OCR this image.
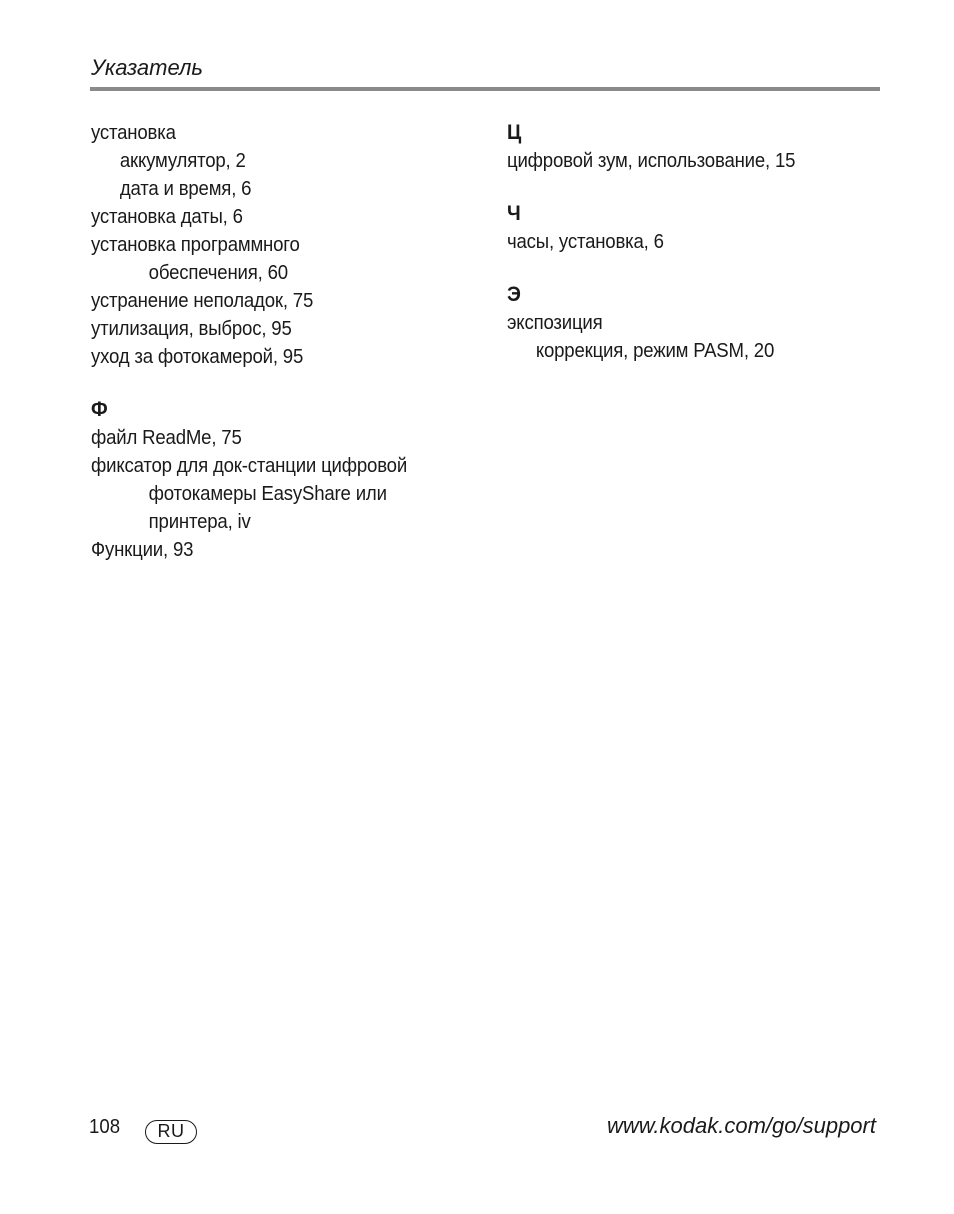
Указатель
установка
аккумулятор, 2
дата и время, 6
установка даты, 6
установка программного
обеспечения, 60
устранение неполадок, 75
утилизация, выброс, 95
уход за фотокамерой, 95
Ф
файл ReadMe, 75
фиксатор для док-станции цифровой
фотокамеры EasyShare или
принтера, iv
Функции, 93
Ц
цифровой зум, использование, 15
Ч
часы, установка, 6
Э
экспозиция
коррекция, режим PASM, 20
108	RU	www.kodak.com/go/support
